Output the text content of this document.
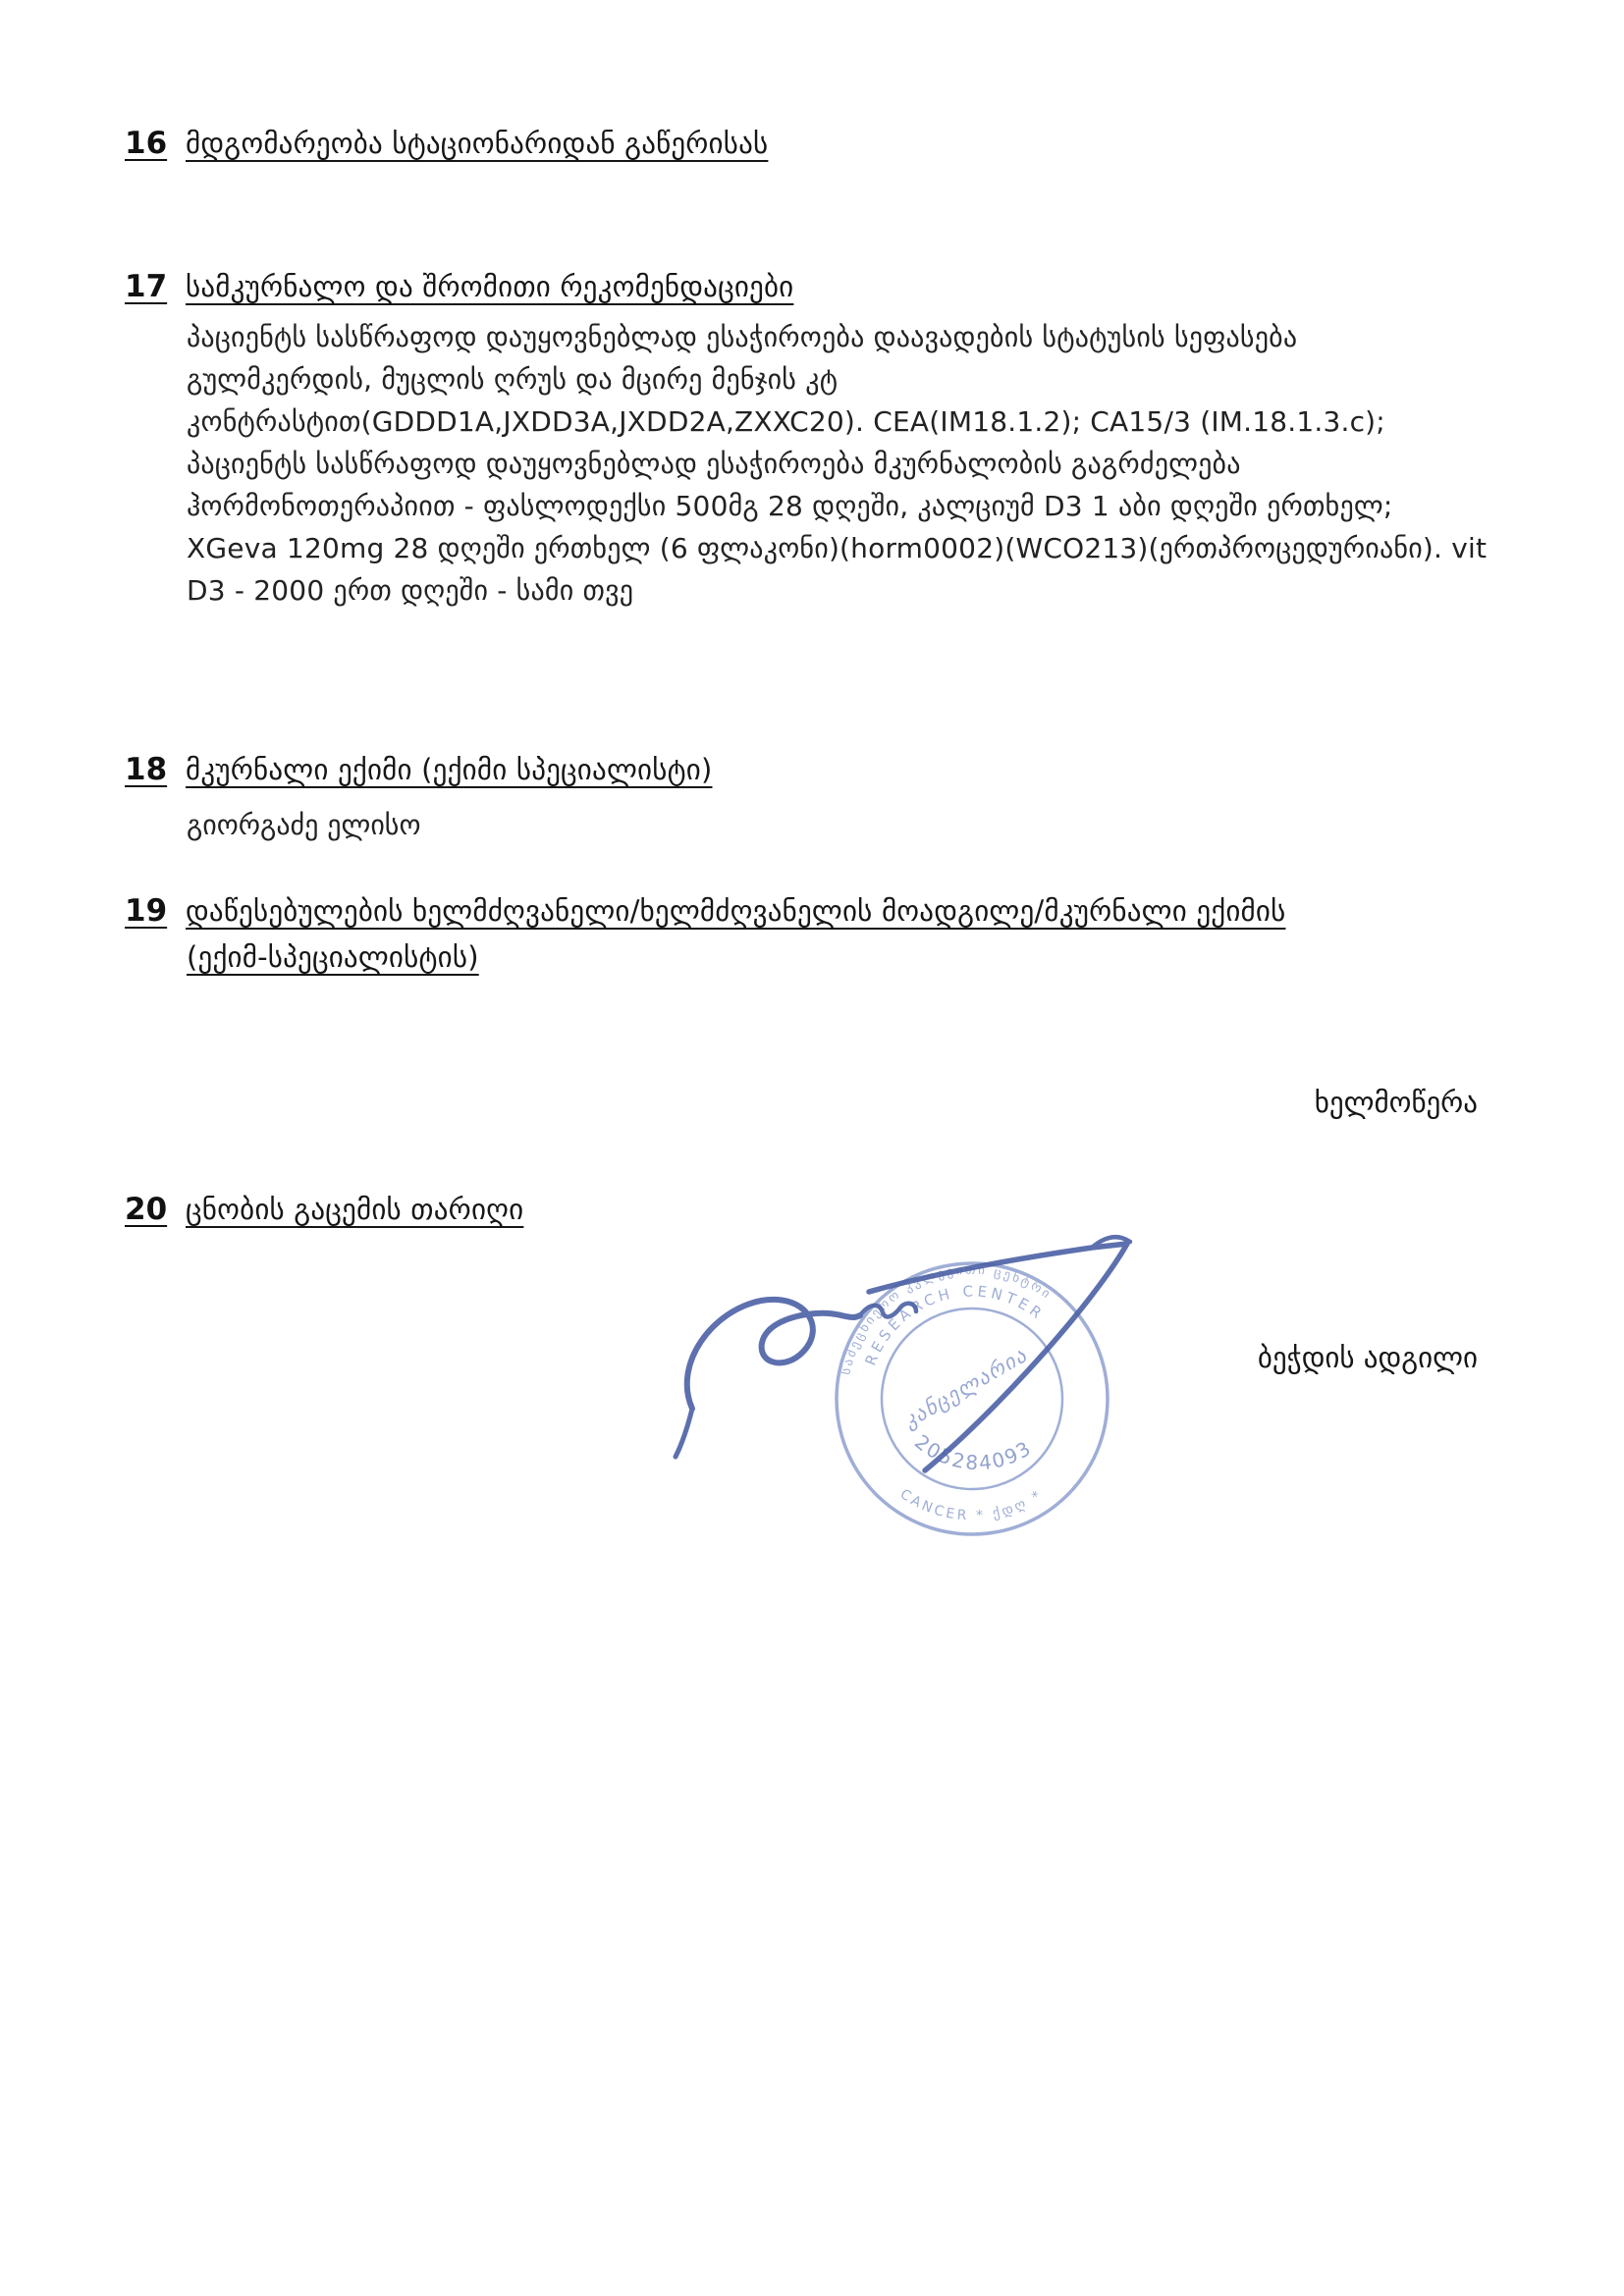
16 მდგომარეობა სტაციონარიდან გაწერისას
17 სამკურნალო და შრომითი რეკომენდაციები
პაციენტს სასწრაფოდ დაუყოვნებლად ესაჭიროება დაავადების სტატუსის სეფასება
გულმკერდის, მუცლის ღრუს და მცირე მენჯის კტ
კონტრასტით(GDDD1A,JXDD3A,JXDD2A,ZXXC20). CEA(IM18.1.2); CA15/3 (IM.18.1.3.c);
პაციენტს სასწრაფოდ დაუყოვნებლად ესაჭიროება მკურნალობის გაგრძელება
ჰორმონოთერაპიით - ფასლოდექსი 500მგ 28 დღეში, კალციუმ D3 1 აბი დღეში ერთხელ;
XGeva 120mg 28 დღეში ერთხელ (6 ფლაკონი)(horm0002)(WCO213)(ერთპროცედურიანი). vit
D3 - 2000 ერთ დღეში - სამი თვე
18 მკურნალი ექიმი (ექიმი სპეციალისტი)
გიორგაძე ელისო
19 დაწესებულების ხელმძღვანელი/ხელმძღვანელის მოადგილე/მკურნალი ექიმის
(ექიმ-სპეციალისტის)
ხელმოწერა
20 ცნობის გაცემის თარიღი
ბეჭდის ადგილი
სამეცნიერო კვლევითი ცენტრი
RESEARCH CENTER
CANCER * ქდღ *
კანცელარია
205284093
